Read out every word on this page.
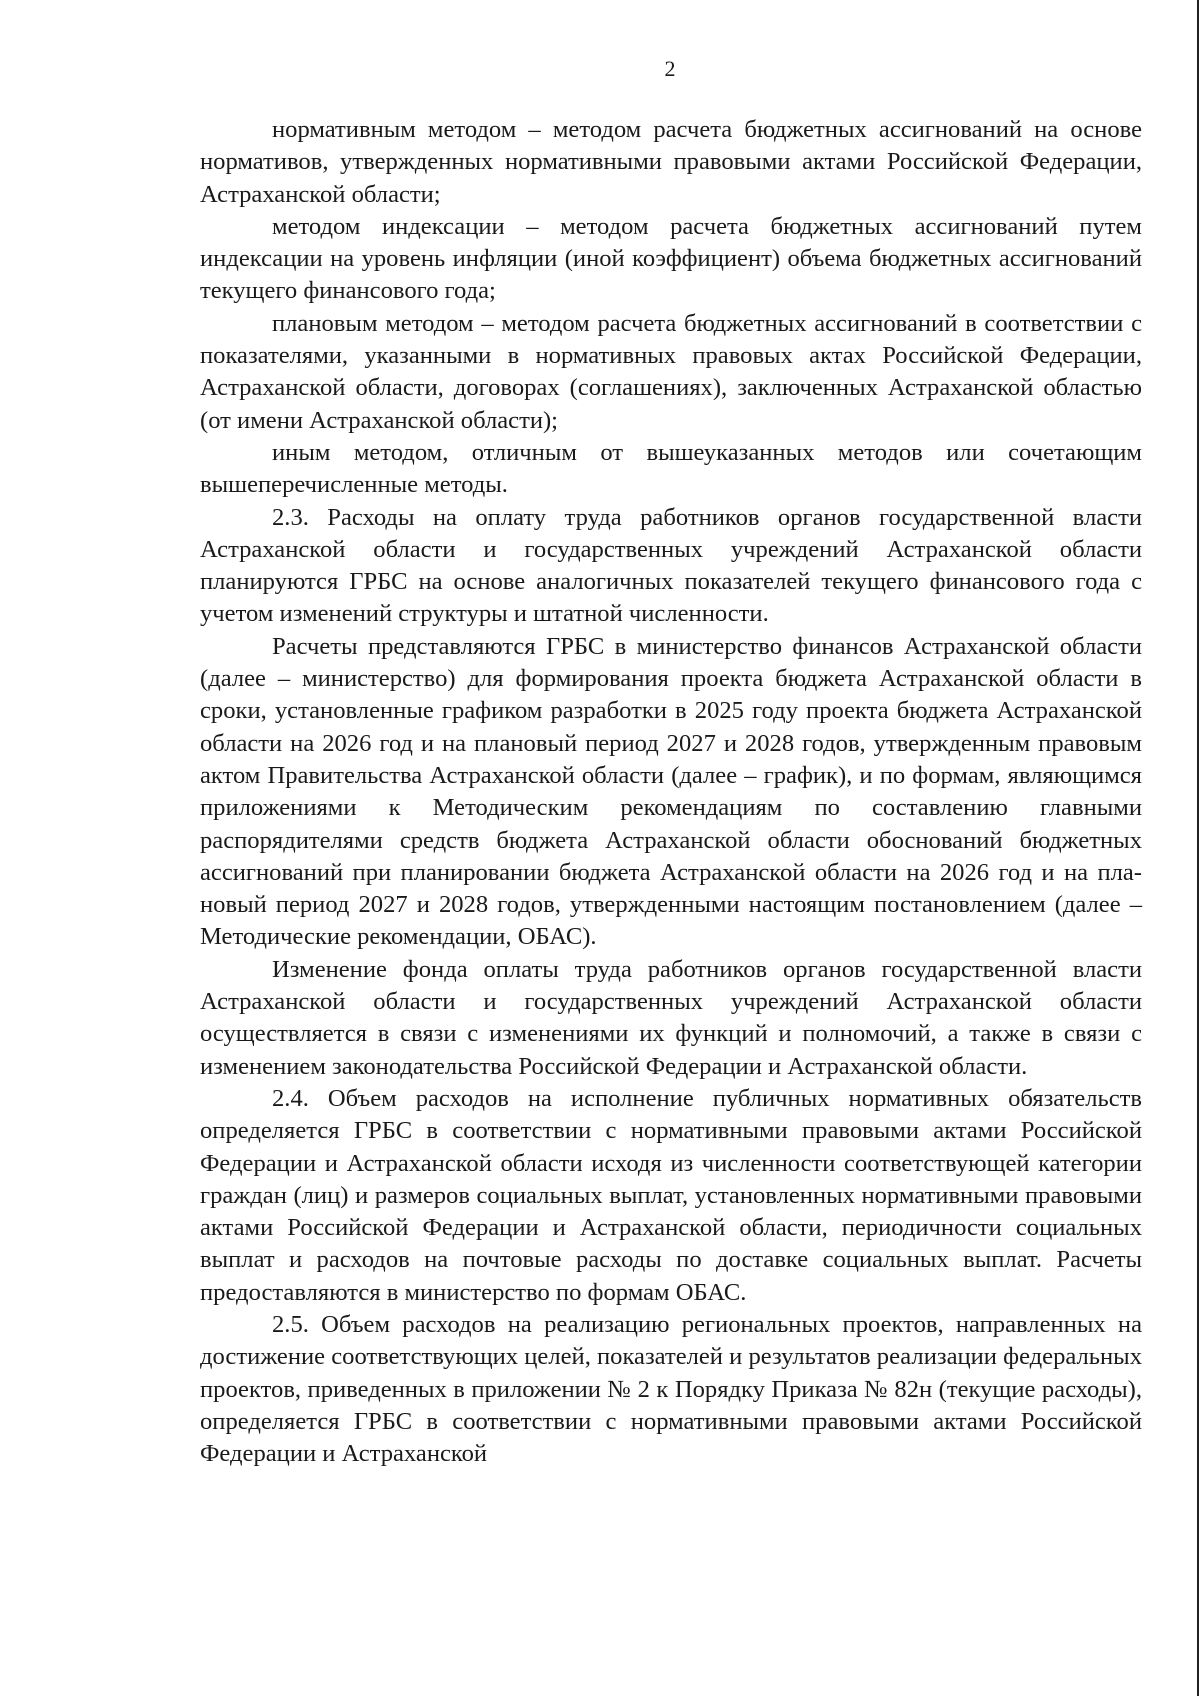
2

нормативным методом – методом расчета бюджетных ассигнований на основе нормативов, утвержденных нормативными правовыми актами Российской Федерации, Астраханской области;

методом индексации – методом расчета бюджетных ассигнований путем индексации на уровень инфляции (иной коэффициент) объема бюджетных ассигнований текущего финансового года;

плановым методом – методом расчета бюджетных ассигнований в соответствии с показателями, указанными в нормативных правовых актах Российской Федерации, Астраханской области, договорах (соглашениях), заключенных Астраханской областью (от имени Астраханской области);

иным методом, отличным от вышеуказанных методов или сочетающим вышеперечисленные методы.

2.3. Расходы на оплату труда работников органов государственной власти Астраханской области и государственных учреждений Астраханской области планируются ГРБС на основе аналогичных показателей текущего финансового года с учетом изменений структуры и штатной численности.

Расчеты представляются ГРБС в министерство финансов Астраханской области (далее – министерство) для формирования проекта бюджета Астраханской области в сроки, установленные графиком разработки в 2025 году проекта бюджета Астраханской области на 2026 год и на плановый период 2027 и 2028 годов, утвержденным правовым актом Правительства Астраханской области (далее – график), и по формам, являющимся приложениями к Методическим рекомендациям по составлению главными распорядителями средств бюджета Астраханской области обоснований бюджетных ассигнований при планировании бюджета Астраханской области на 2026 год и на плановый период 2027 и 2028 годов, утвержденными настоящим постановлением (далее – Методические рекомендации, ОБАС).

Изменение фонда оплаты труда работников органов государственной власти Астраханской области и государственных учреждений Астраханской области осуществляется в связи с изменениями их функций и полномочий, а также в связи с изменением законодательства Российской Федерации и Астраханской области.

2.4. Объем расходов на исполнение публичных нормативных обязательств определяется ГРБС в соответствии с нормативными правовыми актами Российской Федерации и Астраханской области исходя из численности соответствующей категории граждан (лиц) и размеров социальных выплат, установленных нормативными правовыми актами Российской Федерации и Астраханской области, периодичности социальных выплат и расходов на почтовые расходы по доставке социальных выплат. Расчеты предоставляются в министерство по формам ОБАС.

2.5. Объем расходов на реализацию региональных проектов, направленных на достижение соответствующих целей, показателей и результатов реализации федеральных проектов, приведенных в приложении № 2 к Порядку Приказа № 82н (текущие расходы), определяется ГРБС в соответствии с нормативными правовыми актами Российской Федерации и Астраханской
